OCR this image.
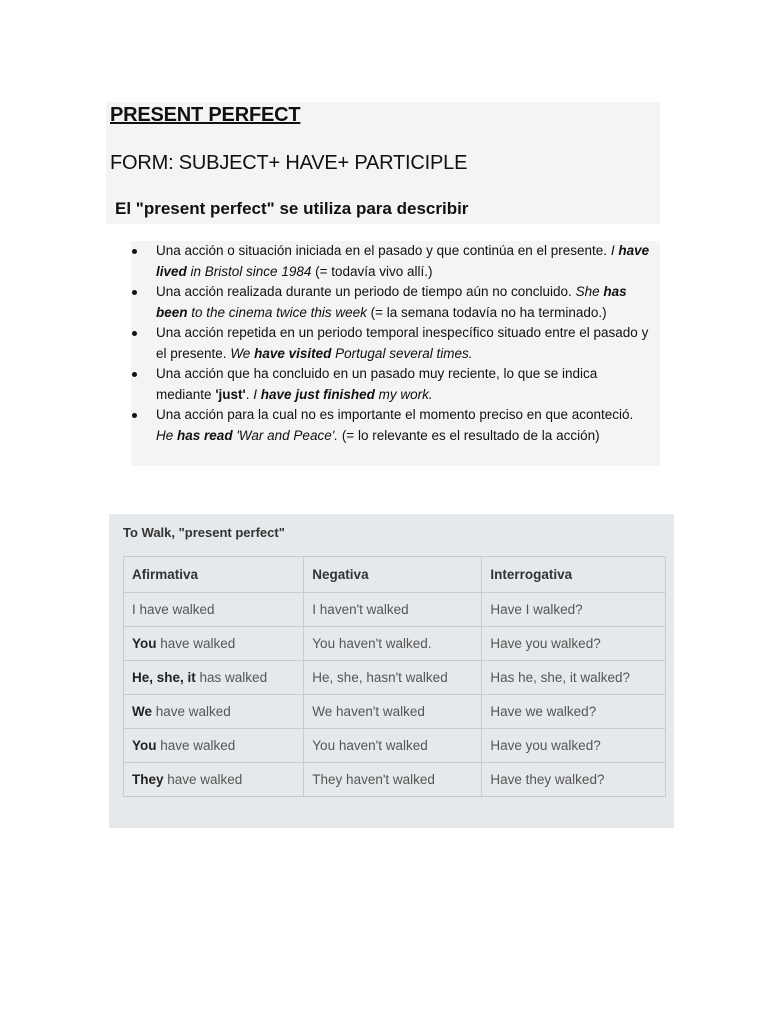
PRESENT PERFECT
FORM: SUBJECT+ HAVE+ PARTICIPLE
El "present perfect" se utiliza para describir
Una acción o situación iniciada en el pasado y que continúa en el presente. I have lived in Bristol since 1984 (= todavía vivo allí.)
Una acción realizada durante un periodo de tiempo aún no concluido. She has been to the cinema twice this week (= la semana todavía no ha terminado.)
Una acción repetida en un periodo temporal inespecífico situado entre el pasado y el presente. We have visited Portugal several times.
Una acción que ha concluido en un pasado muy reciente, lo que se indica mediante 'just'. I have just finished my work.
Una acción para la cual no es importante el momento preciso en que aconteció. He has read 'War and Peace'. (= lo relevante es el resultado de la acción)

To Walk, "present perfect"

Afirmativa	Negativa	Interrogativa
I have walked	I haven't walked	Have I walked?
You have walked	You haven't walked.	Have you walked?
He, she, it has walked	He, she, hasn't walked	Has he, she, it walked?
We have walked	We haven't walked	Have we walked?
You have walked	You haven't walked	Have you walked?
They have walked	They haven't walked	Have they walked?
